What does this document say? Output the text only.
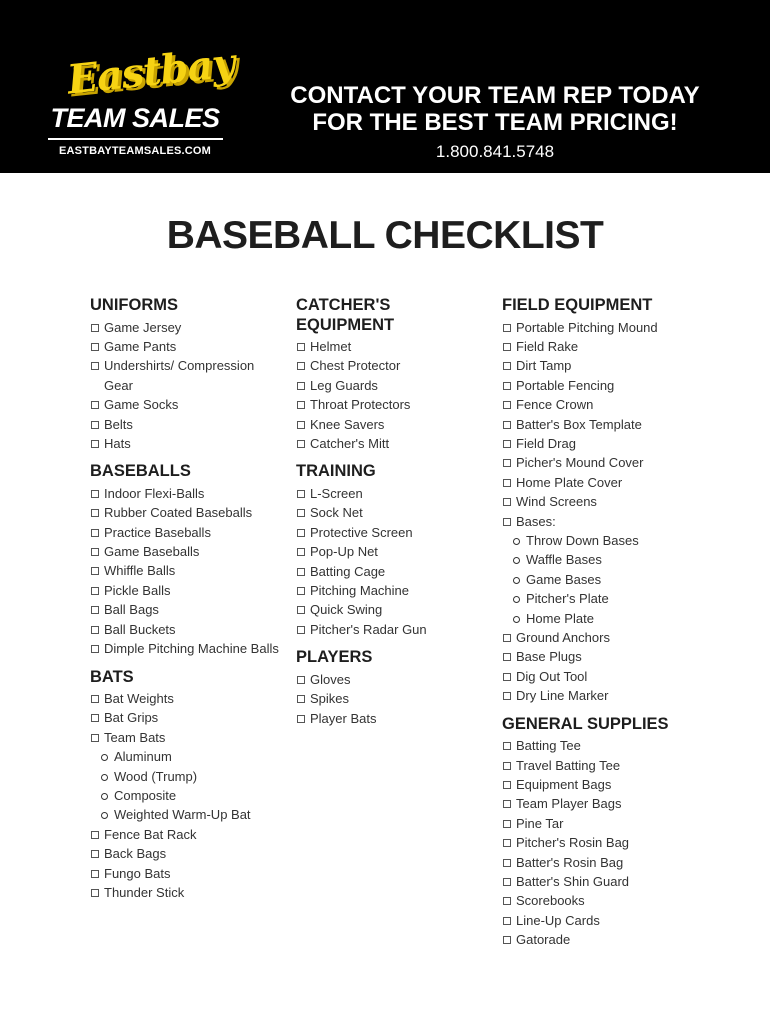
Eastbay
TEAM SALES
EASTBAYTEAMSALES.COM
CONTACT YOUR TEAM REP TODAY
FOR THE BEST TEAM PRICING!
1.800.841.5748
BASEBALL CHECKLIST
UNIFORMS
Game Jersey
Game Pants
Undershirts/ Compression Gear
Game Socks
Belts
Hats
BASEBALLS
Indoor Flexi-Balls
Rubber Coated Baseballs
Practice Baseballs
Game Baseballs
Whiffle Balls
Pickle Balls
Ball Bags
Ball Buckets
Dimple Pitching Machine Balls
BATS
Bat Weights
Bat Grips
Team Bats
Aluminum
Wood (Trump)
Composite
Weighted Warm-Up Bat
Fence Bat Rack
Back Bags
Fungo Bats
Thunder Stick
CATCHER'S EQUIPMENT
Helmet
Chest Protector
Leg Guards
Throat Protectors
Knee Savers
Catcher's Mitt
TRAINING
L-Screen
Sock Net
Protective Screen
Pop-Up Net
Batting Cage
Pitching Machine
Quick Swing
Pitcher's Radar Gun
PLAYERS
Gloves
Spikes
Player Bats
FIELD EQUIPMENT
Portable Pitching Mound
Field Rake
Dirt Tamp
Portable Fencing
Fence Crown
Batter's Box Template
Field Drag
Picher's Mound Cover
Home Plate Cover
Wind Screens
Bases:
Throw Down Bases
Waffle Bases
Game Bases
Pitcher's Plate
Home Plate
Ground Anchors
Base Plugs
Dig Out Tool
Dry Line Marker
GENERAL SUPPLIES
Batting Tee
Travel Batting Tee
Equipment Bags
Team Player Bags
Pine Tar
Pitcher's Rosin Bag
Batter's Rosin Bag
Batter's Shin Guard
Scorebooks
Line-Up Cards
Gatorade
